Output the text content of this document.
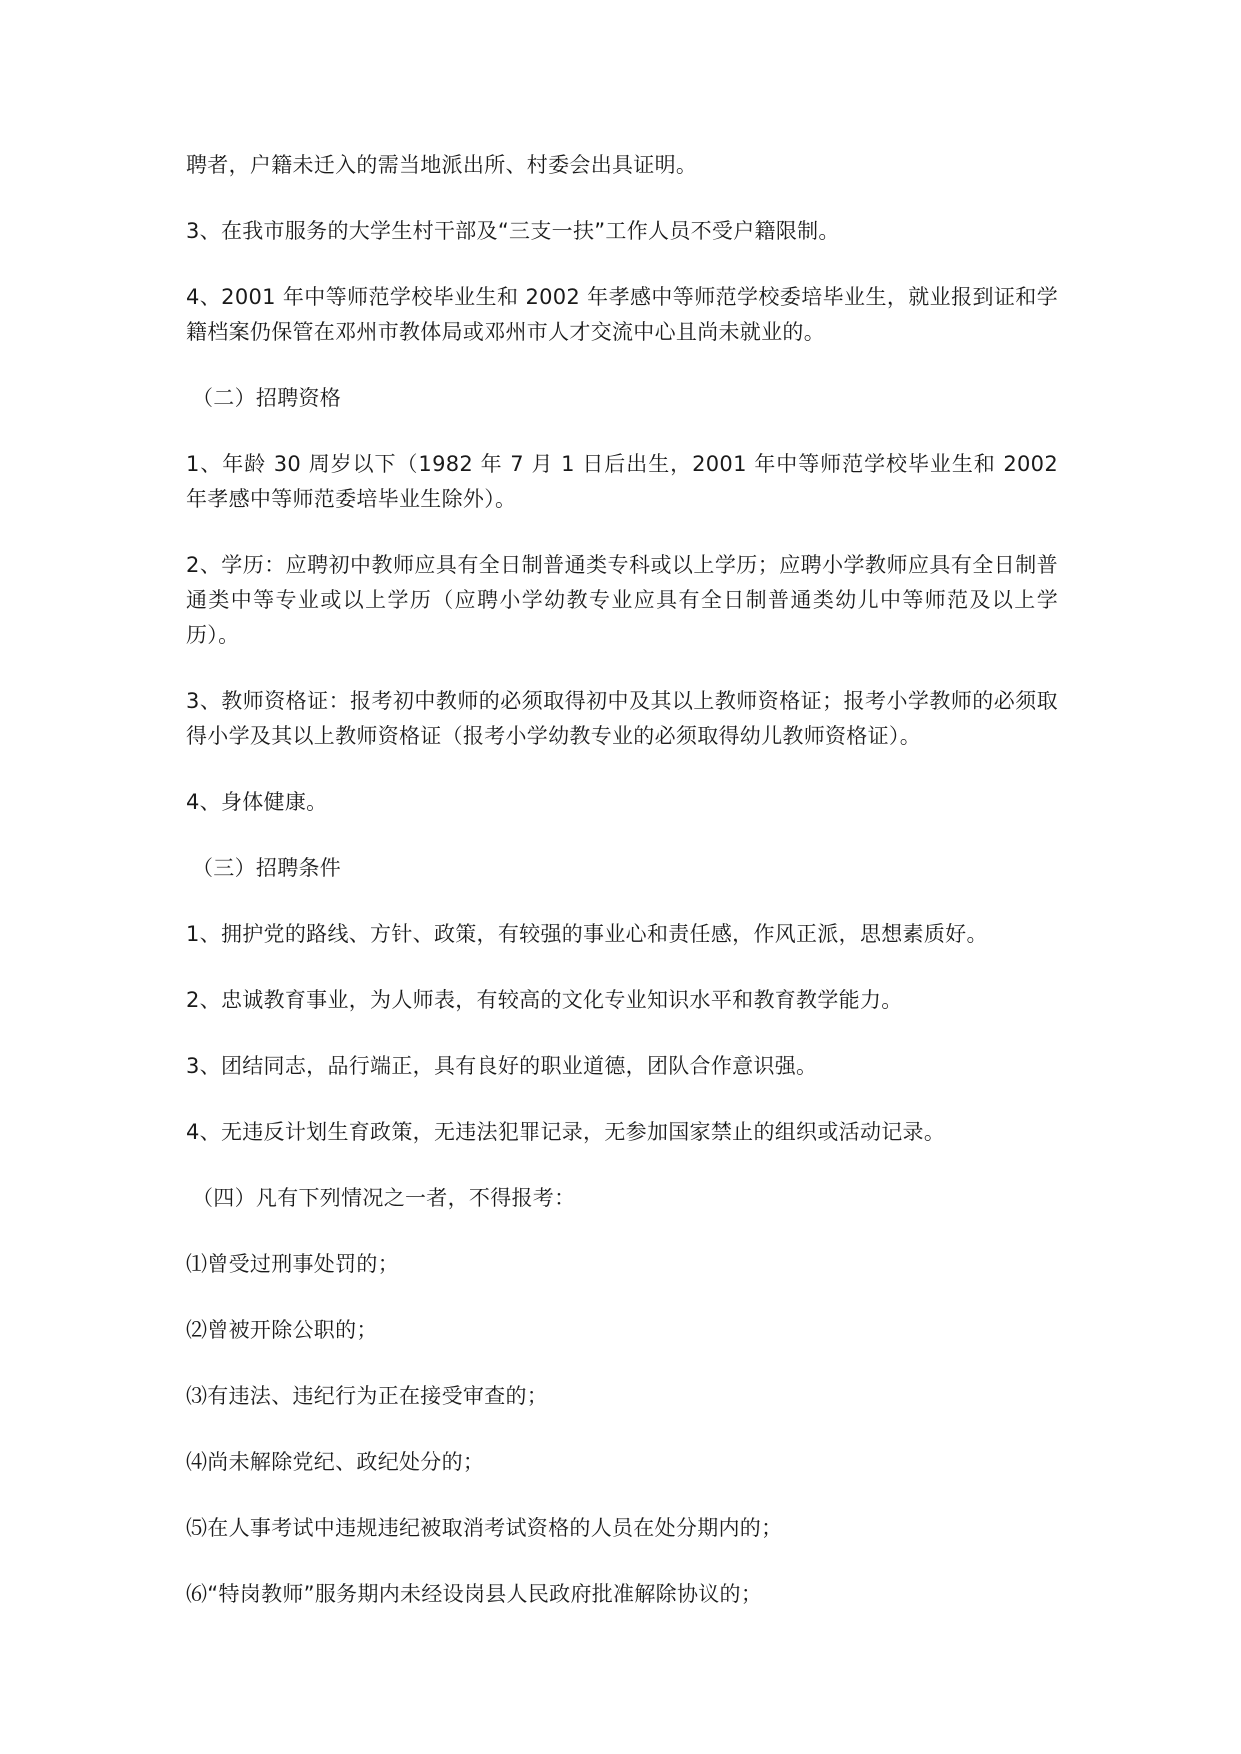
聘者，户籍未迁入的需当地派出所、村委会出具证明。

3、在我市服务的大学生村干部及“三支一扶”工作人员不受户籍限制。

4、2001 年中等师范学校毕业生和 2002 年孝感中等师范学校委培毕业生，就业报到证和学籍档案仍保管在邓州市教体局或邓州市人才交流中心且尚未就业的。

（二）招聘资格

1、年龄 30 周岁以下（1982 年 7 月 1 日后出生，2001 年中等师范学校毕业生和 2002 年孝感中等师范委培毕业生除外）。

2、学历：应聘初中教师应具有全日制普通类专科或以上学历；应聘小学教师应具有全日制普通类中等专业或以上学历（应聘小学幼教专业应具有全日制普通类幼儿中等师范及以上学历）。

3、教师资格证：报考初中教师的必须取得初中及其以上教师资格证；报考小学教师的必须取得小学及其以上教师资格证（报考小学幼教专业的必须取得幼儿教师资格证）。

4、身体健康。

（三）招聘条件

1、拥护党的路线、方针、政策，有较强的事业心和责任感，作风正派，思想素质好。

2、忠诚教育事业，为人师表，有较高的文化专业知识水平和教育教学能力。

3、团结同志，品行端正，具有良好的职业道德，团队合作意识强。

4、无违反计划生育政策，无违法犯罪记录，无参加国家禁止的组织或活动记录。

（四）凡有下列情况之一者，不得报考：

⑴曾受过刑事处罚的；

⑵曾被开除公职的；

⑶有违法、违纪行为正在接受审查的；

⑷尚未解除党纪、政纪处分的；

⑸在人事考试中违规违纪被取消考试资格的人员在处分期内的；

⑹“特岗教师”服务期内未经设岗县人民政府批准解除协议的；
